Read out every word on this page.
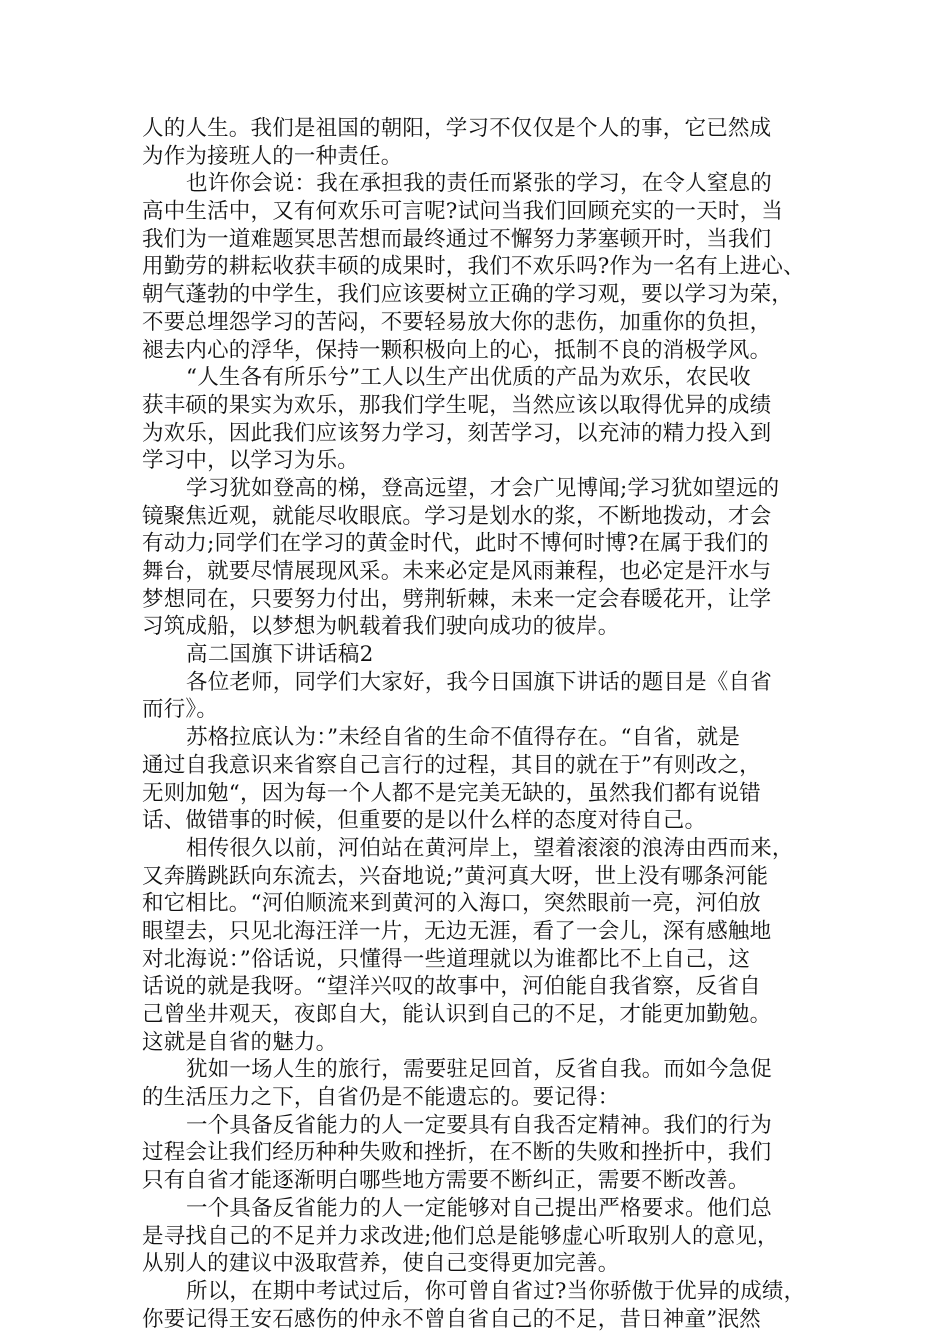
人的人生。我们是祖国的朝阳，学习不仅仅是个人的事，它已然成
为作为接班人的一种责任。
也许你会说：我在承担我的责任而紧张的学习，在令人窒息的
高中生活中，又有何欢乐可言呢?试问当我们回顾充实的一天时，当
我们为一道难题冥思苦想而最终通过不懈努力茅塞顿开时，当我们
用勤劳的耕耘收获丰硕的成果时，我们不欢乐吗?作为一名有上进心、
朝气蓬勃的中学生，我们应该要树立正确的学习观，要以学习为荣，
不要总埋怨学习的苦闷，不要轻易放大你的悲伤，加重你的负担，
褪去内心的浮华，保持一颗积极向上的心，抵制不良的消极学风。
“人生各有所乐兮”工人以生产出优质的产品为欢乐，农民收
获丰硕的果实为欢乐，那我们学生呢，当然应该以取得优异的成绩
为欢乐，因此我们应该努力学习，刻苦学习，以充沛的精力投入到
学习中，以学习为乐。
学习犹如登高的梯，登高远望，才会广见博闻;学习犹如望远的
镜聚焦近观，就能尽收眼底。学习是划水的浆，不断地拨动，才会
有动力;同学们在学习的黄金时代，此时不博何时博?在属于我们的
舞台，就要尽情展现风采。未来必定是风雨兼程，也必定是汗水与
梦想同在，只要努力付出，劈荆斩棘，未来一定会春暖花开，让学
习筑成船，以梦想为帆载着我们驶向成功的彼岸。
高二国旗下讲话稿2
各位老师，同学们大家好，我今日国旗下讲话的题目是《自省
而行》。
苏格拉底认为：”未经自省的生命不值得存在。“自省，就是
通过自我意识来省察自己言行的过程，其目的就在于”有则改之，
无则加勉“，因为每一个人都不是完美无缺的，虽然我们都有说错
话、做错事的时候，但重要的是以什么样的态度对待自己。
相传很久以前，河伯站在黄河岸上，望着滚滚的浪涛由西而来，
又奔腾跳跃向东流去，兴奋地说;”黄河真大呀，世上没有哪条河能
和它相比。“河伯顺流来到黄河的入海口，突然眼前一亮，河伯放
眼望去，只见北海汪洋一片，无边无涯，看了一会儿，深有感触地
对北海说：”俗话说，只懂得一些道理就以为谁都比不上自己，这
话说的就是我呀。“望洋兴叹的故事中，河伯能自我省察，反省自
己曾坐井观天，夜郎自大，能认识到自己的不足，才能更加勤勉。
这就是自省的魅力。
犹如一场人生的旅行，需要驻足回首，反省自我。而如今急促
的生活压力之下，自省仍是不能遗忘的。要记得：
一个具备反省能力的人一定要具有自我否定精神。我们的行为
过程会让我们经历种种失败和挫折，在不断的失败和挫折中，我们
只有自省才能逐渐明白哪些地方需要不断纠正，需要不断改善。
一个具备反省能力的人一定能够对自己提出严格要求。他们总
是寻找自己的不足并力求改进;他们总是能够虚心听取别人的意见，
从别人的建议中汲取营养，使自己变得更加完善。
所以，在期中考试过后，你可曾自省过?当你骄傲于优异的成绩，
你要记得王安石感伤的仲永不曾自省自己的不足，昔日神童”泯然
